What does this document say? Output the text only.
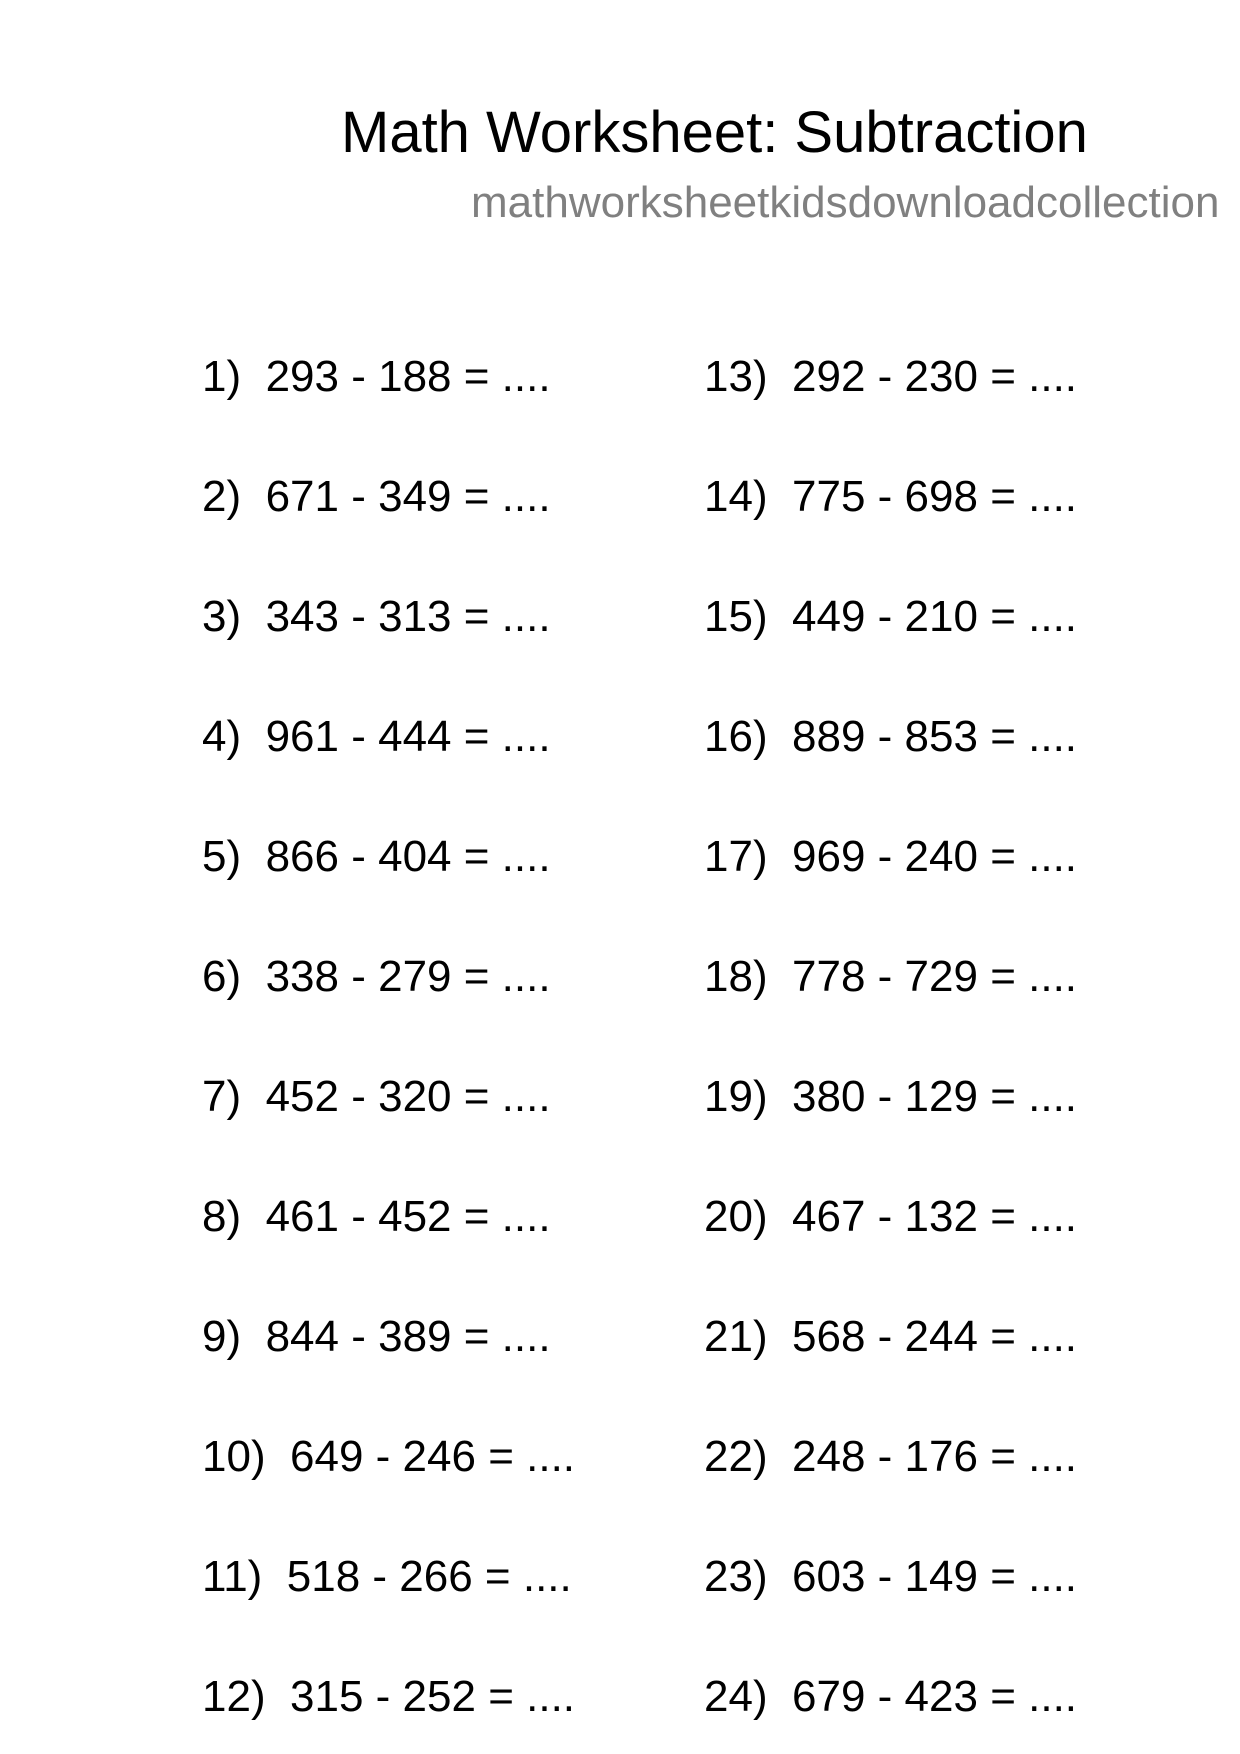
Math Worksheet: Subtraction
mathworksheetkidsdownloadcollection
1) 293 - 188 = ....
2) 671 - 349 = ....
3) 343 - 313 = ....
4) 961 - 444 = ....
5) 866 - 404 = ....
6) 338 - 279 = ....
7) 452 - 320 = ....
8) 461 - 452 = ....
9) 844 - 389 = ....
10) 649 - 246 = ....
11) 518 - 266 = ....
12) 315 - 252 = ....
13) 292 - 230 = ....
14) 775 - 698 = ....
15) 449 - 210 = ....
16) 889 - 853 = ....
17) 969 - 240 = ....
18) 778 - 729 = ....
19) 380 - 129 = ....
20) 467 - 132 = ....
21) 568 - 244 = ....
22) 248 - 176 = ....
23) 603 - 149 = ....
24) 679 - 423 = ....
